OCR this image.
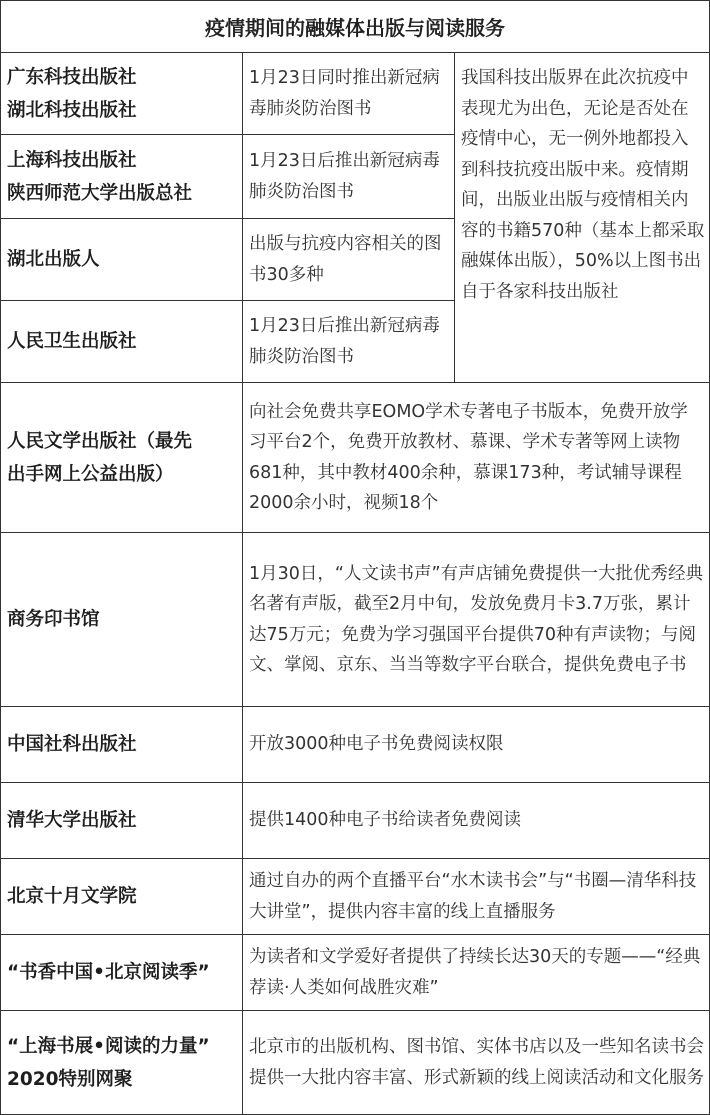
疫情期间的融媒体出版与阅读服务
广东科技出版社
湖北科技出版社
1月23日同时推出新冠病毒肺炎防治图书
上海科技出版社
陕西师范大学出版总社
1月23日后推出新冠病毒肺炎防治图书
湖北出版人
出版与抗疫内容相关的图书30多种
人民卫生出版社
1月23日后推出新冠病毒肺炎防治图书
我国科技出版界在此次抗疫中表现尤为出色，无论是否处在疫情中心，无一例外地都投入到科技抗疫出版中来。疫情期间，出版业出版与疫情相关内容的书籍570种（基本上都采取融媒体出版），50%以上图书出自于各家科技出版社
人民文学出版社（最先
出手网上公益出版）
向社会免费共享EOMO学术专著电子书版本，免费开放学习平台2个，免费开放教材、慕课、学术专著等网上读物681种，其中教材400余种，慕课173种，考试辅导课程2000余小时，视频18个
商务印书馆
1月30日，“人文读书声”有声店铺免费提供一大批优秀经典名著有声版，截至2月中旬，发放免费月卡3.7万张，累计达75万元；免费为学习强国平台提供70种有声读物；与阅文、掌阅、京东、当当等数字平台联合，提供免费电子书
中国社科出版社	开放3000种电子书免费阅读权限
清华大学出版社	提供1400种电子书给读者免费阅读
北京十月文学院
通过自办的两个直播平台“水木读书会”与“书圈—清华科技大讲堂”，提供内容丰富的线上直播服务
“书香中国•北京阅读季”
为读者和文学爱好者提供了持续长达30天的专题——“经典荐读·人类如何战胜灾难”
“上海书展•阅读的力量”
2020特别网聚
北京市的出版机构、图书馆、实体书店以及一些知名读书会提供一大批内容丰富、形式新颖的线上阅读活动和文化服务
